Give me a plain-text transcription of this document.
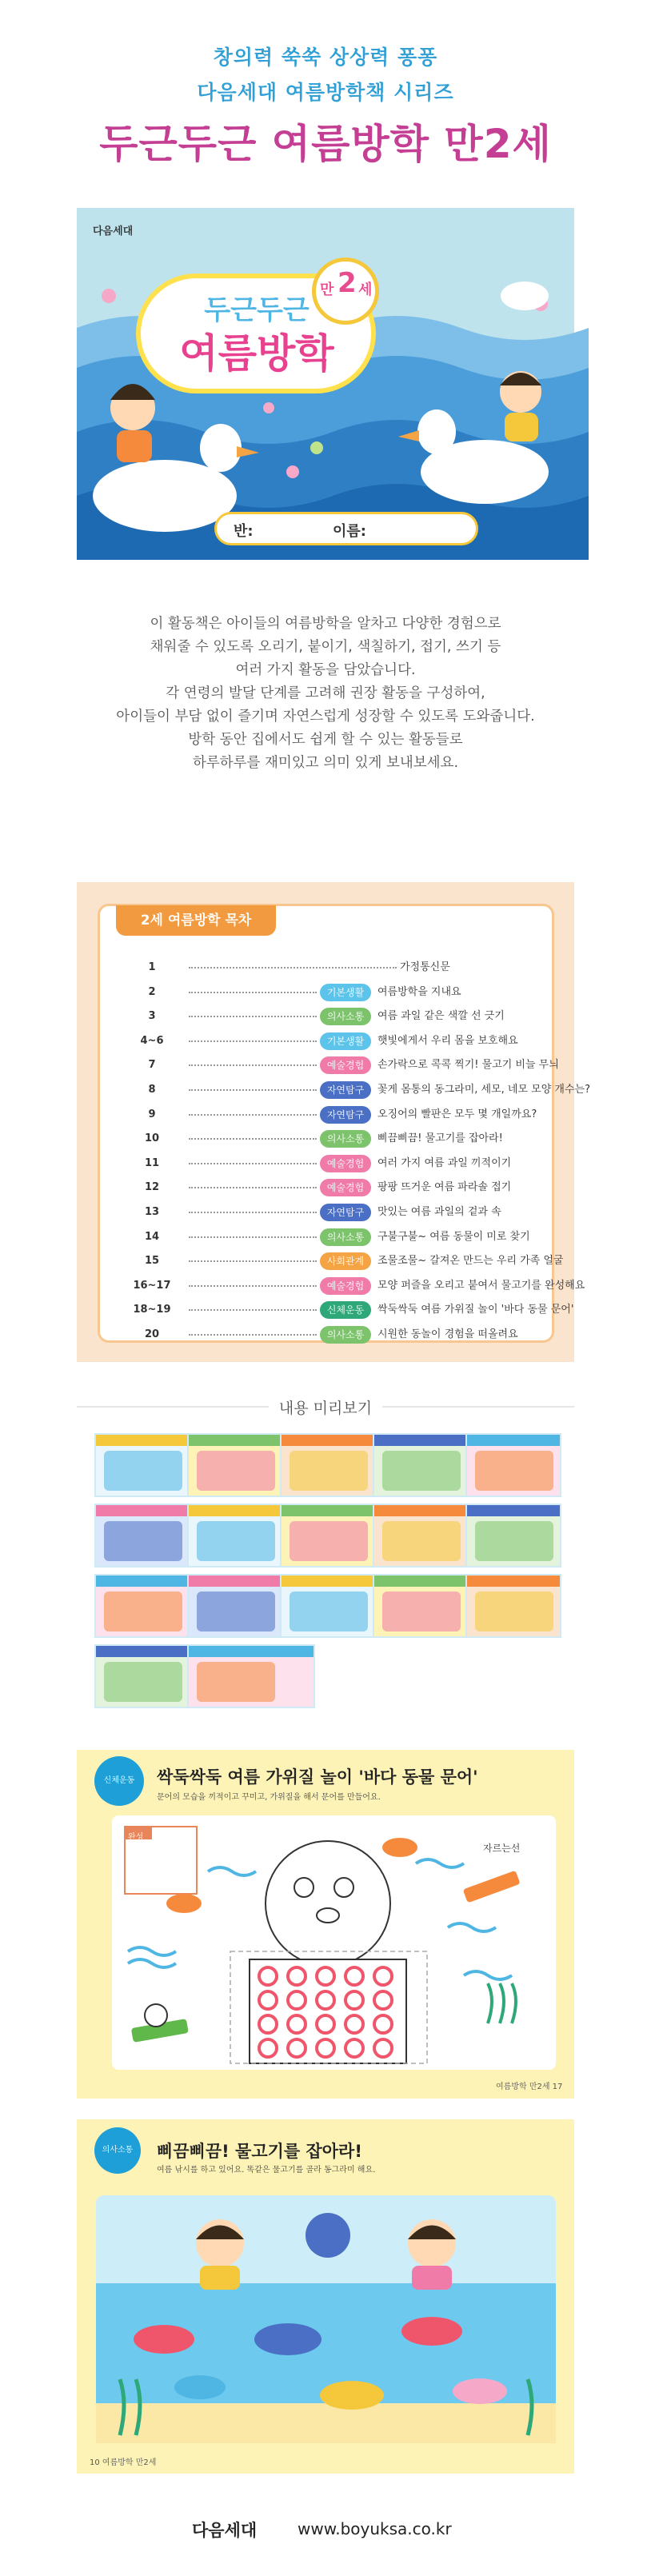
창의력 쑥쑥 상상력 퐁퐁
다음세대 여름방학책 시리즈
두근두근 여름방학 만2세
다음세대
두근두근
여름방학
만 2 세
반:	이름:
이 활동책은 아이들의 여름방학을 알차고 다양한 경험으로
채워줄 수 있도록 오리기, 붙이기, 색칠하기, 접기, 쓰기 등
여러 가지 활동을 담았습니다.
각 연령의 발달 단계를 고려해 권장 활동을 구성하여,
아이들이 부담 없이 즐기며 자연스럽게 성장할 수 있도록 도와줍니다.
방학 동안 집에서도 쉽게 할 수 있는 활동들로
하루하루를 재미있고 의미 있게 보내보세요.
2세 여름방학 목차
1	가정통신문
2	기본생활	여름방학을 지내요
3	의사소통	여름 과일 같은 색깔 선 긋기
4~6	기본생활	햇빛에게서 우리 몸을 보호해요
7	예술경험	손가락으로 콕콕 찍기! 물고기 비늘 무늬
8	자연탐구	꽃게 몸통의 동그라미, 세모, 네모 모양 개수는?
9	자연탐구	오징어의 빨판은 모두 몇 개일까요?
10	의사소통	삐끔삐끔! 물고기를 잡아라!
11	예술경험	여러 가지 여름 과일 끼적이기
12	예술경험	팡팡 뜨거운 여름 파라솔 접기
13	자연탐구	맛있는 여름 과일의 겉과 속
14	의사소통	구불구불~ 여름 동물이 미로 찾기
15	사회관계	조물조물~ 갈져온 만드는 우리 가족 얼굴
16~17	예술경험	모양 퍼즐을 오리고 붙여서 물고기를 완성해요
18~19	신체운동	싹둑싹둑 여름 가위질 놀이 '바다 동물 문어'
20	의사소통	시원한 동놀이 경험을 떠올려요
내용 미리보기
신체운동	싹둑싹둑 여름 가위질 놀이 '바다 동물 문어'
문어의 모습을 끼적이고 꾸미고, 가위질을 해서 문어를 만들어요.
완성
자르는선
여름방학 만2세 17
의사소통	삐끔삐끔! 물고기를 잡아라!
여름 낚시를 하고 있어요. 똑같은 물고기를 골라 동그라미 해요.
10 여름방학 만2세
다음세대	www.boyuksa.co.kr
